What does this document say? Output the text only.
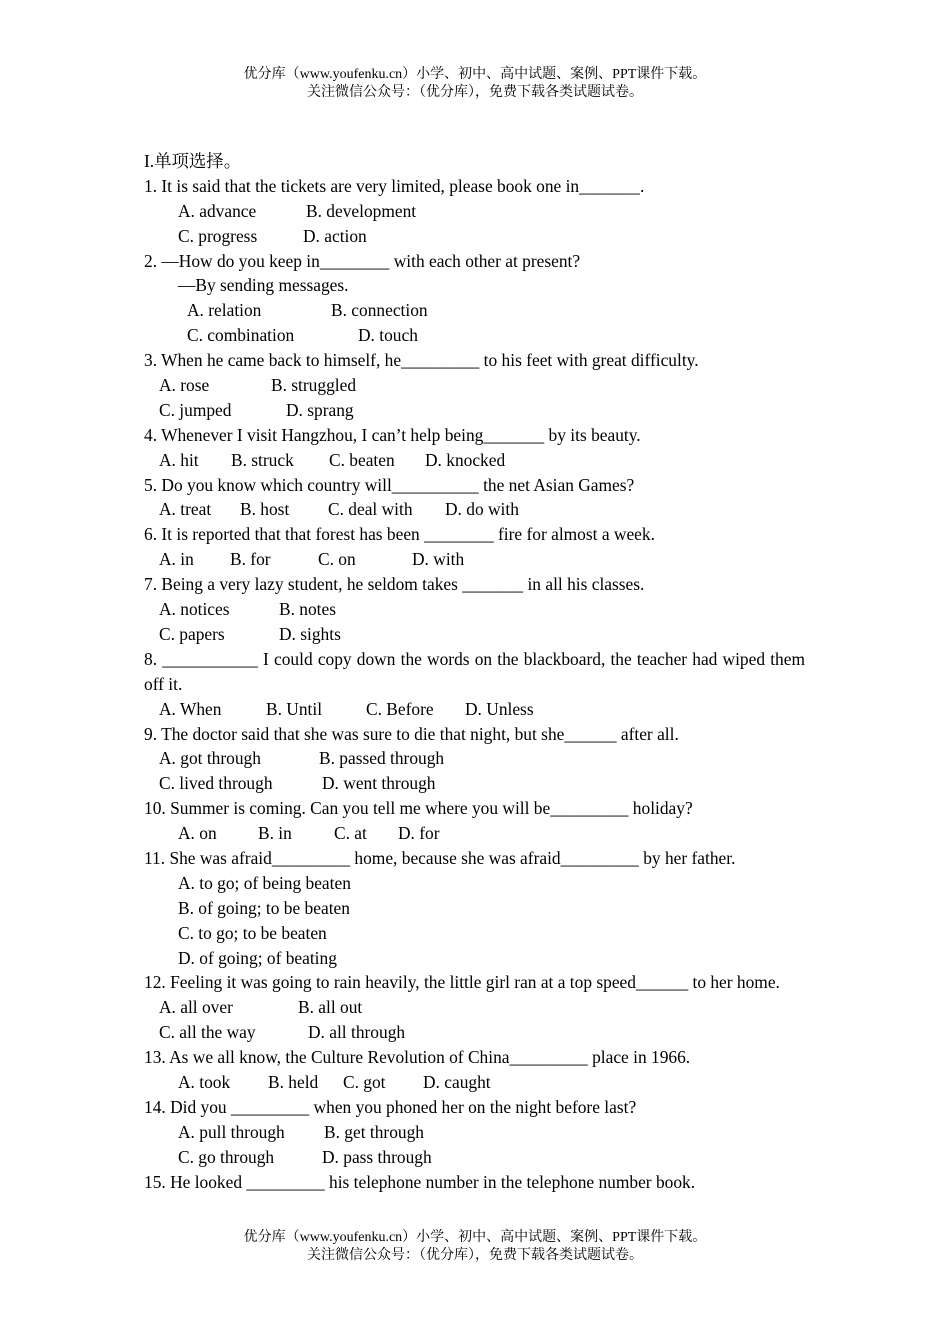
优分库（www.youfenku.cn）小学、初中、高中试题、案例、PPT课件下载。
关注微信公众号：（优分库），免费下载各类试题试卷。
I.单项选择。
1. It is said that the tickets are very limited, please book one in_______.
A. advance	B. development
C. progress	D. action
2. —How do you keep in________ with each other at present?
—By sending messages.
A. relation	B. connection
C. combination	D. touch
3. When he came back to himself, he_________ to his feet with great difficulty.
A. rose	B. struggled
C. jumped	D. sprang
4. Whenever I visit Hangzhou, I can’t help being_______ by its beauty.
A. hit B. struck C. beaten D. knocked
5. Do you know which country will__________ the net Asian Games?
A. treat B. host C. deal with D. do with
6. It is reported that that forest has been ________ fire for almost a week.
A. in B. for	C. on	D. with
7. Being a very lazy student, he seldom takes _______ in all his classes.
A. notices	B. notes
C. papers	D. sights
8. ___________ I could copy down the words on the blackboard, the teacher had wiped them off it.
A. When	B. Until	C. Before D. Unless
9. The doctor said that she was sure to die that night, but she______ after all.
A. got through	B. passed through
C. lived through	D. went through
10. Summer is coming. Can you tell me where you will be_________ holiday?
A. on B. in C. at D. for
11. She was afraid_________ home, because she was afraid_________ by her father.
A. to go; of being beaten
B. of going; to be beaten
C. to go; to be beaten
D. of going; of beating
12. Feeling it was going to rain heavily, the little girl ran at a top speed______ to her home.
A. all over	B. all out
C. all the way	D. all through
13. As we all know, the Culture Revolution of China_________ place in 1966.
A. took B. held C. got D. caught
14. Did you _________ when you phoned her on the night before last?
A. pull through B. get through
C. go through	D. pass through
15. He looked _________ his telephone number in the telephone number book.
优分库（www.youfenku.cn）小学、初中、高中试题、案例、PPT课件下载。
关注微信公众号：（优分库），免费下载各类试题试卷。
